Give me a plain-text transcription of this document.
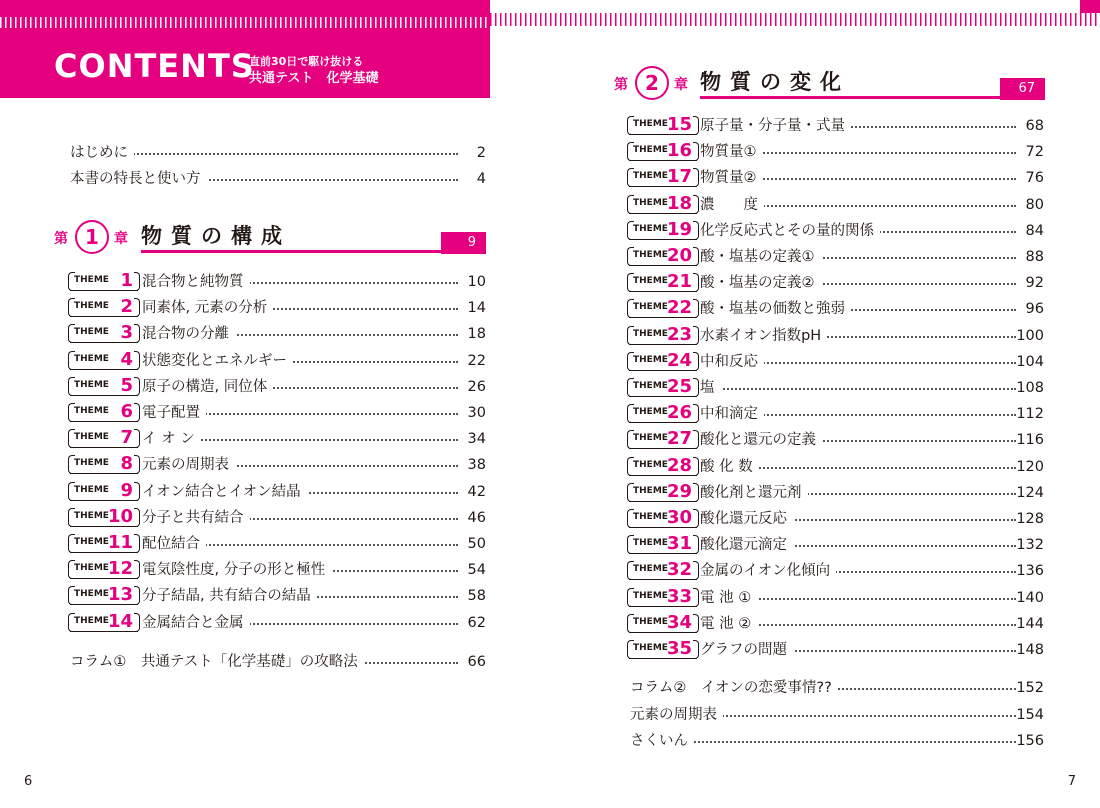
CONTENTS
直前30日で駆け抜ける
共通テスト　化学基礎
はじめに	2
本書の特長と使い方	4
第 1	章 物質の構成	9
THEME 1 混合物と純物質	10
THEME 2 同素体, 元素の分析	14
THEME 3 混合物の分離	18
THEME 4 状態変化とエネルギー	22
THEME 5 原子の構造, 同位体	26
THEME 6 電子配置	30
THEME 7 イ オ ン	34
THEME 8 元素の周期表	38
THEME 9 イオン結合とイオン結晶	42
THEME 10 分子と共有結合	46
THEME 11 配位結合	50
THEME 12 電気陰性度, 分子の形と極性	54
THEME 13 分子結晶, 共有結合の結晶	58
THEME 14 金属結合と金属	62
コラム①　共通テスト「化学基礎」の攻略法	66
第 2	章 物質の変化	67
THEME 15 原子量・分子量・式量	68
THEME 16 物質量①	72
THEME 17 物質量②	76
THEME 18 濃　　度	80
THEME 19 化学反応式とその量的関係	84
THEME 20 酸・塩基の定義①	88
THEME 21 酸・塩基の定義②	92
THEME 22 酸・塩基の価数と強弱	96
THEME 23 水素イオン指数pH	100
THEME 24 中和反応	104
THEME 25 塩	108
THEME 26 中和滴定	112
THEME 27 酸化と還元の定義	116
THEME 28 酸 化 数	120
THEME 29 酸化剤と還元剤	124
THEME 30 酸化還元反応	128
THEME 31 酸化還元滴定	132
THEME 32 金属のイオン化傾向	136
THEME 33 電 池 ①	140
THEME 34 電 池 ②	144
THEME 35 グラフの問題	148
コラム②　イオンの恋愛事情??	152
元素の周期表	154
さくいん	156
6	7
